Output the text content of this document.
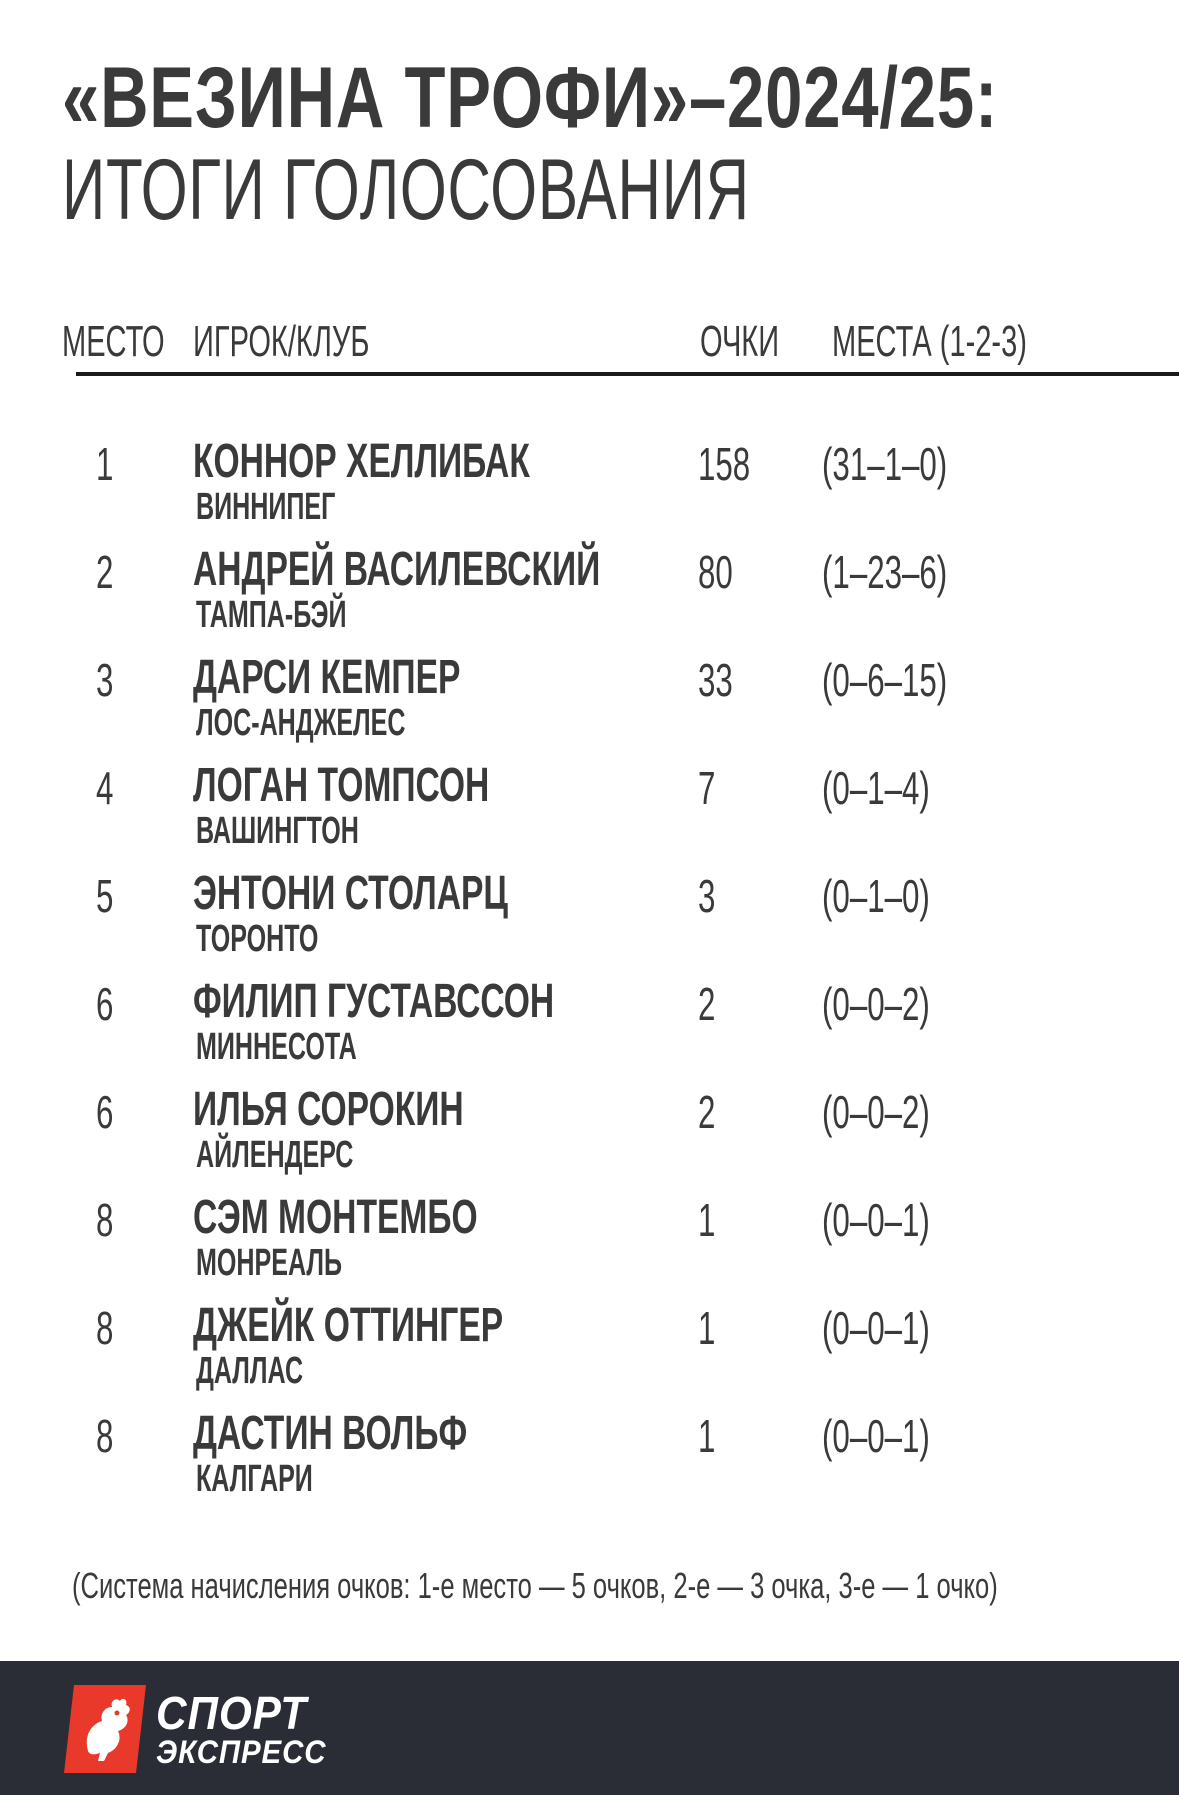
«ВЕЗИНА ТРОФИ»–2024/25:
ИТОГИ ГОЛОСОВАНИЯ
МЕСТО ИГРОК/КЛУБ	ОЧКИ МЕСТА (1-2-3)
1 КОННОР ХЕЛЛИБАК
ВИННИПЕГ
158 (31–1–0)
2 АНДРЕЙ ВАСИЛЕВСКИЙ
ТАМПА-БЭЙ
80 (1–23–6)
3 ДАРСИ КЕМПЕР
ЛОС-АНДЖЕЛЕС
33 (0–6–15)
4 ЛОГАН ТОМПСОН
ВАШИНГТОН
7 (0–1–4)
5 ЭНТОНИ СТОЛАРЦ
ТОРОНТО
3 (0–1–0)
6 ФИЛИП ГУСТАВССОН
МИННЕСОТА
2 (0–0–2)
6 ИЛЬЯ СОРОКИН
АЙЛЕНДЕРС
2 (0–0–2)
8 СЭМ МОНТЕМБО
МОНРЕАЛЬ
1 (0–0–1)
8 ДЖЕЙК ОТТИНГЕР
ДАЛЛАС
1 (0–0–1)
8 ДАСТИН ВОЛЬФ
КАЛГАРИ
1 (0–0–1)
(Система начисления очков: 1-е место — 5 очков, 2-е — 3 очка, 3-е — 1 очко)
СПОРТ
ЭКСПРЕСС
